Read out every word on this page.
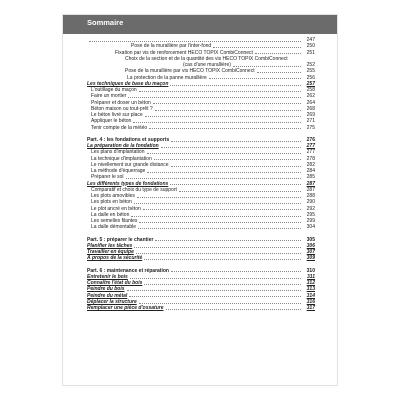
Sommaire
247
Pose de la murallière par l'inter-fond	250
Fixation par vis de renforcement HECO TOPIX CombiConnect	251
Choix de la section et de la quantité des vis HECO TOPIX CombiConnect
(cas d'une murallière)	252
Pose de la murallière par vis HECO TOPIX CombiConnect	255
La protection de la panne murallière	256
Les techniques de base du maçon	257
L'outillage du maçon	258
Faire un mortier	262
Préparer et doser un béton	264
Béton maison ou tout-prêt ?	268
Le béton livré sur place	269
Appliquer le béton	271
Tenir compte de la météo	275
Part. 4 : les fondations et supports	276
La préparation de la fondation	277
Les plans d'implantation	277
La technique d'implantation	278
Le nivellement sur grande distance	282
La méthode d'équerrage	284
Préparer le sol	285
Les différents types de fondations	287
Comparatif et choix du type de support	287
Les plots amovibles	288
Les plots en béton	290
Le plot ancré en béton	292
La dalle en béton	295
Les semelles filantes	299
La dalle démontable	304
Part. 5 : préparer le chantier	305
Planifier les tâches	306
Travailler en équipe	307
À propos de la sécurité	309
Part. 6 : maintenance et réparation	310
Entretenir le bois	311
Connaître l'état du bois	312
Peindre du bois	313
Peindre du métal	314
Déplacer la structure	316
Remplacer une pièce d'ossature	317
